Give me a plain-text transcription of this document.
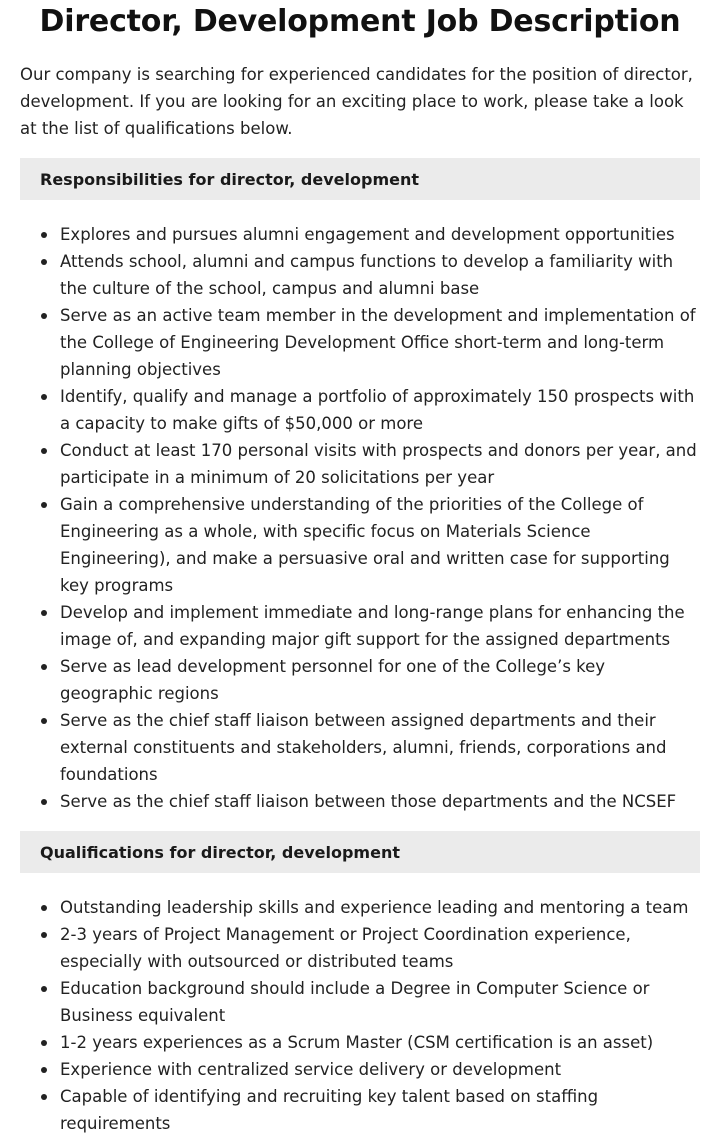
Director, Development Job Description

Our company is searching for experienced candidates for the position of director, development. If you are looking for an exciting place to work, please take a look at the list of qualifications below.

Responsibilities for director, development
Explores and pursues alumni engagement and development opportunities
Attends school, alumni and campus functions to develop a familiarity with the culture of the school, campus and alumni base
Serve as an active team member in the development and implementation of the College of Engineering Development Office short-term and long-term planning objectives
Identify, qualify and manage a portfolio of approximately 150 prospects with a capacity to make gifts of $50,000 or more
Conduct at least 170 personal visits with prospects and donors per year, and participate in a minimum of 20 solicitations per year
Gain a comprehensive understanding of the priorities of the College of Engineering as a whole, with specific focus on Materials Science Engineering), and make a persuasive oral and written case for supporting key programs
Develop and implement immediate and long-range plans for enhancing the image of, and expanding major gift support for the assigned departments
Serve as lead development personnel for one of the College’s key geographic regions
Serve as the chief staff liaison between assigned departments and their external constituents and stakeholders, alumni, friends, corporations and foundations
Serve as the chief staff liaison between those departments and the NCSEF
Qualifications for director, development
Outstanding leadership skills and experience leading and mentoring a team
2-3 years of Project Management or Project Coordination experience, especially with outsourced or distributed teams
Education background should include a Degree in Computer Science or Business equivalent
1-2 years experiences as a Scrum Master (CSM certification is an asset)
Experience with centralized service delivery or development
Capable of identifying and recruiting key talent based on staffing requirements
